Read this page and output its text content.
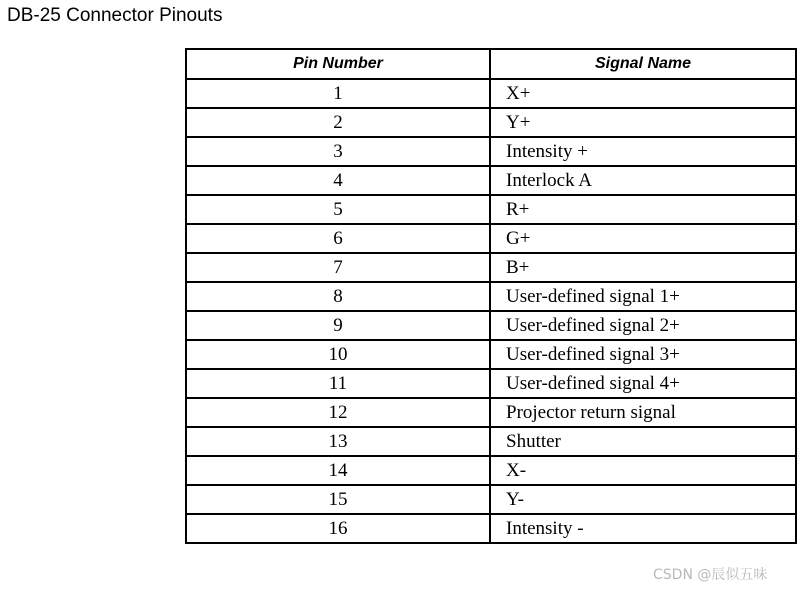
DB-25 Connector Pinouts
Pin Number	Signal Name
1	X+
2	Y+
3	Intensity +
4	Interlock A
5	R+
6	G+
7	B+
8	User-defined signal 1+
9	User-defined signal 2+
10	User-defined signal 3+
11	User-defined signal 4+
12	Projector return signal
13	Shutter
14	X-
15	Y-
16	Intensity -
CSDN @辰似五味
